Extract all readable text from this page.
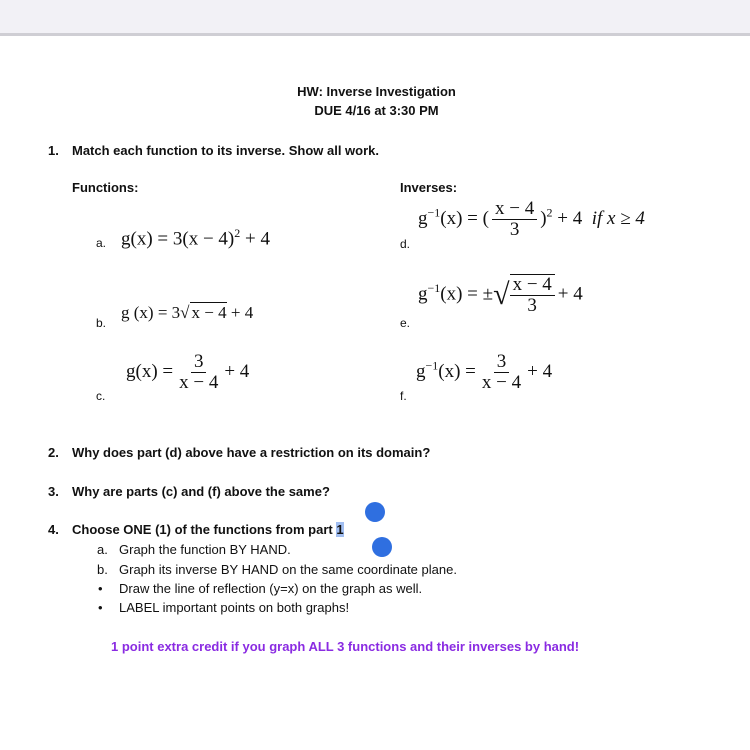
HW: Inverse Investigation
DUE 4/16 at 3:30 PM
1. Match each function to its inverse. Show all work.
Functions:	Inverses:
a. $g(x) = 3(x - 4)^2 + 4$
b.
g (x) = 3√ x − 4 + 4
c.
$g(x) = \frac{3}{x - 4} + 4$
d.
$g^{-1}(x)$ = ( $\frac{x - 4}{3} )^2 + 4$  if x ≥ 4
e.
$g^{-1}(x)$ = ±√ $\frac{x - 4}{3} + 4$
f.
$g^{-1}(x) = \frac{3}{x - 4} + 4$
2. Why does part (d) above have a restriction on its domain?
3. Why are parts (c) and (f) above the same?
4. Choose ONE (1) of the functions from part 1
a. Graph the function BY HAND.
b. Graph its inverse BY HAND on the same coordinate plane.
• Draw the line of reflection (y=x) on the graph as well.
• LABEL important points on both graphs!
1 point extra credit if you graph ALL 3 functions and their inverses by hand!
